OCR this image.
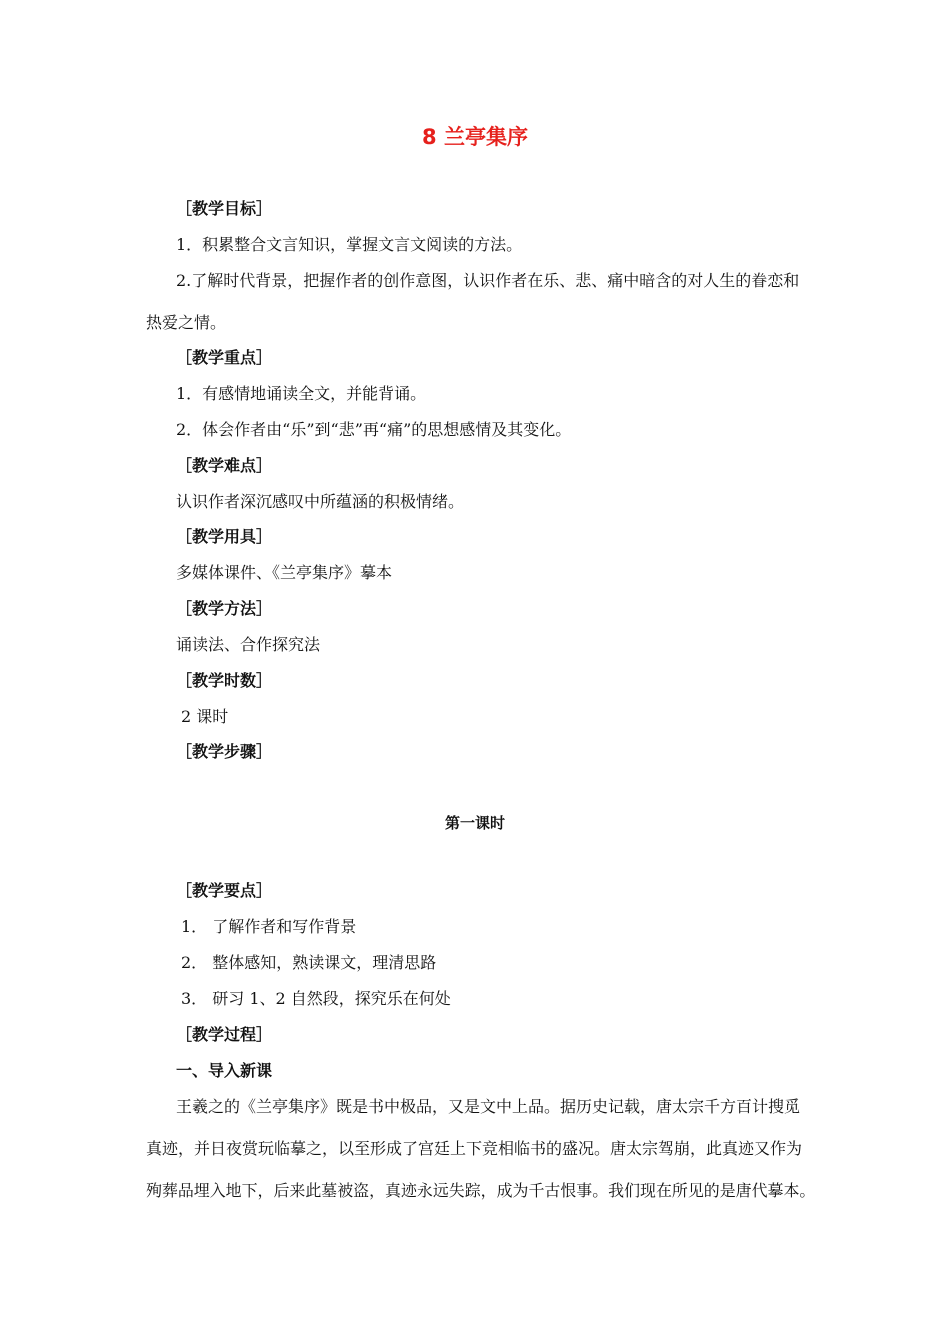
8 兰亭集序
［教学目标］
1．积累整合文言知识，掌握文言文阅读的方法。
2.了解时代背景，把握作者的创作意图，认识作者在乐、悲、痛中暗含的对人生的眷恋和
热爱之情。
［教学重点］
1．有感情地诵读全文，并能背诵。
2．体会作者由“乐”到“悲”再“痛”的思想感情及其变化。
［教学难点］
认识作者深沉感叹中所蕴涵的积极情绪。
［教学用具］
多媒体课件、《兰亭集序》摹本
［教学方法］
诵读法、合作探究法
［教学时数］
2 课时
［教学步骤］
第一课时
［教学要点］
1． 了解作者和写作背景
2． 整体感知，熟读课文，理清思路
3． 研习 1、2 自然段，探究乐在何处
［教学过程］
一、导入新课
王羲之的《兰亭集序》既是书中极品，又是文中上品。据历史记载，唐太宗千方百计搜觅
真迹，并日夜赏玩临摹之，以至形成了宫廷上下竞相临书的盛况。唐太宗驾崩，此真迹又作为
殉葬品埋入地下，后来此墓被盗，真迹永远失踪，成为千古恨事。我们现在所见的是唐代摹本。
